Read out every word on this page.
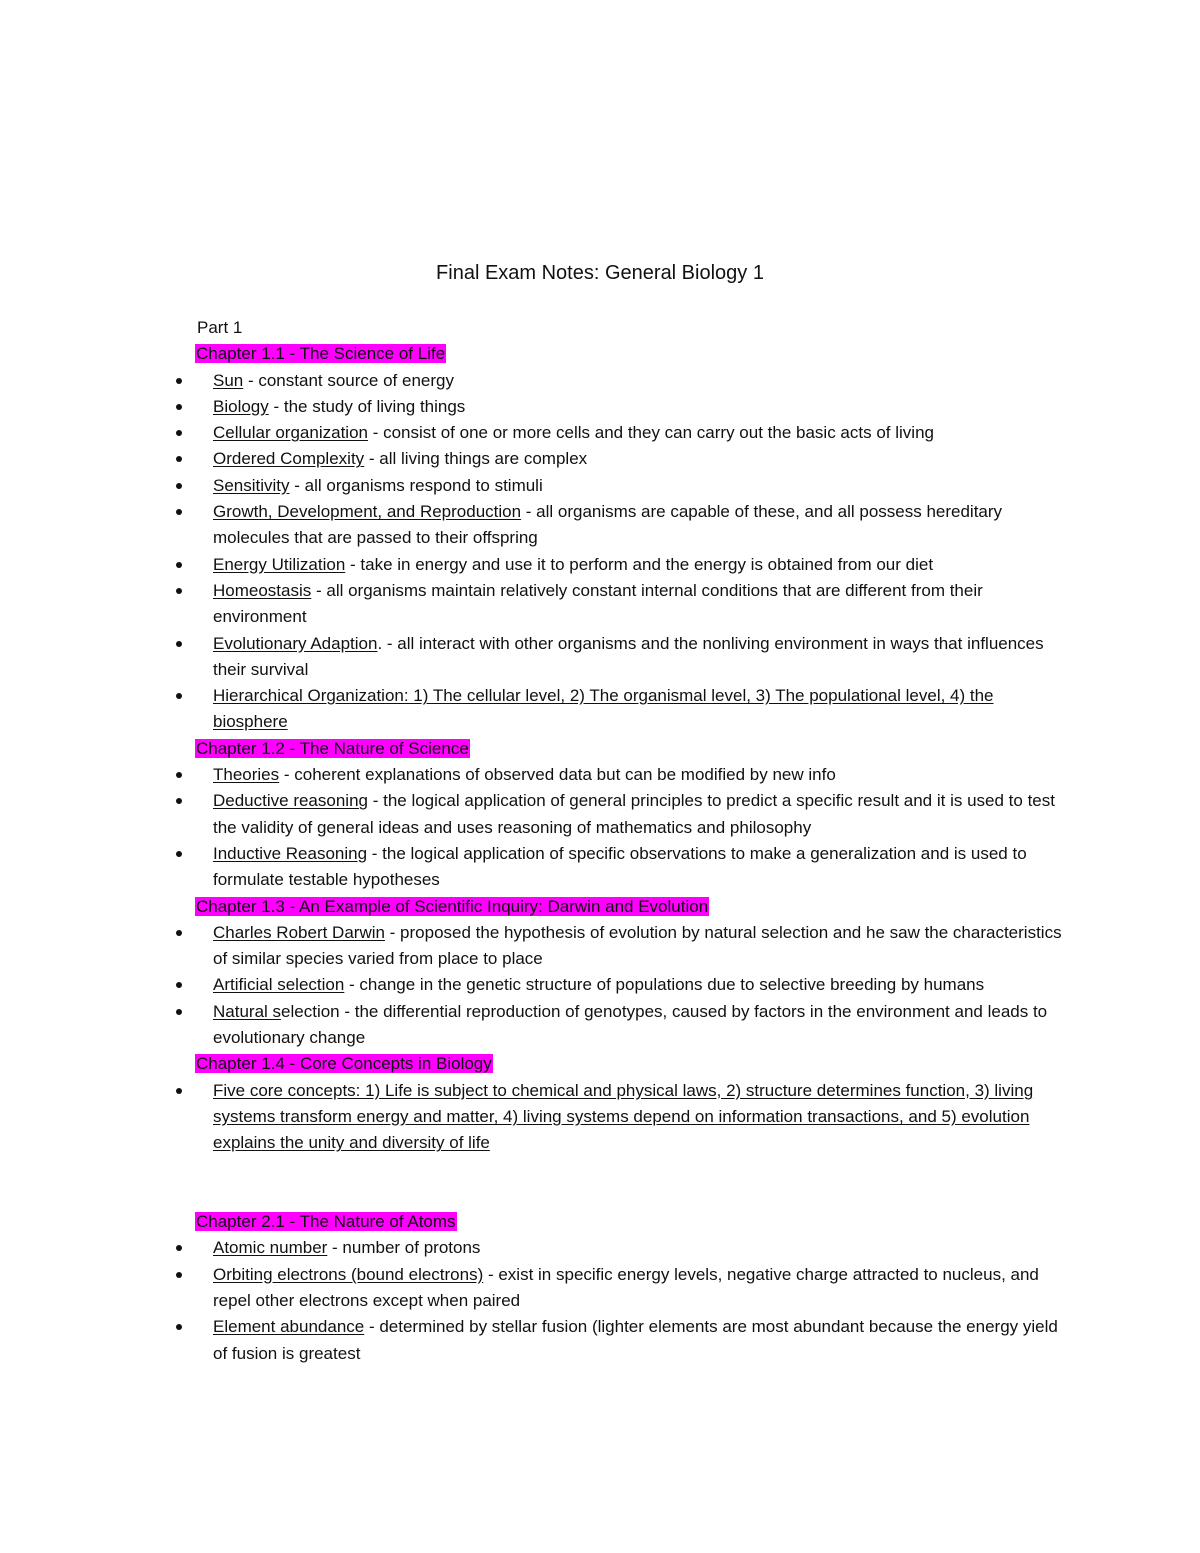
Final Exam Notes: General Biology 1
Part 1
Chapter 1.1 - The Science of Life
Sun - constant source of energy
Biology - the study of living things
Cellular organization - consist of one or more cells and they can carry out the basic acts of living
Ordered Complexity - all living things are complex
Sensitivity - all organisms respond to stimuli
Growth, Development, and Reproduction - all organisms are capable of these, and all possess hereditary molecules that are passed to their offspring
Energy Utilization - take in energy and use it to perform and the energy is obtained from our diet
Homeostasis - all organisms maintain relatively constant internal conditions that are different from their environment
Evolutionary Adaption. - all interact with other organisms and the nonliving environment in ways that influences their survival
Hierarchical Organization: 1) The cellular level, 2) The organismal level, 3) The populational level, 4) the biosphere
Chapter 1.2 - The Nature of Science
Theories - coherent explanations of observed data but can be modified by new info
Deductive reasoning - the logical application of general principles to predict a specific result and it is used to test the validity of general ideas and uses reasoning of mathematics and philosophy
Inductive Reasoning - the logical application of specific observations to make a generalization and is used to formulate testable hypotheses
Chapter 1.3 - An Example of Scientific Inquiry: Darwin and Evolution
Charles Robert Darwin - proposed the hypothesis of evolution by natural selection and he saw the characteristics of similar species varied from place to place
Artificial selection - change in the genetic structure of populations due to selective breeding by humans
Natural selection - the differential reproduction of genotypes, caused by factors in the environment and leads to evolutionary change
Chapter 1.4 - Core Concepts in Biology
Five core concepts: 1) Life is subject to chemical and physical laws, 2) structure determines function, 3) living systems transform energy and matter, 4) living systems depend on information transactions, and 5) evolution explains the unity and diversity of life
Chapter 2.1 - The Nature of Atoms
Atomic number - number of protons
Orbiting electrons (bound electrons) - exist in specific energy levels, negative charge attracted to nucleus, and repel other electrons except when paired
Element abundance - determined by stellar fusion (lighter elements are most abundant because the energy yield of fusion is greatest
